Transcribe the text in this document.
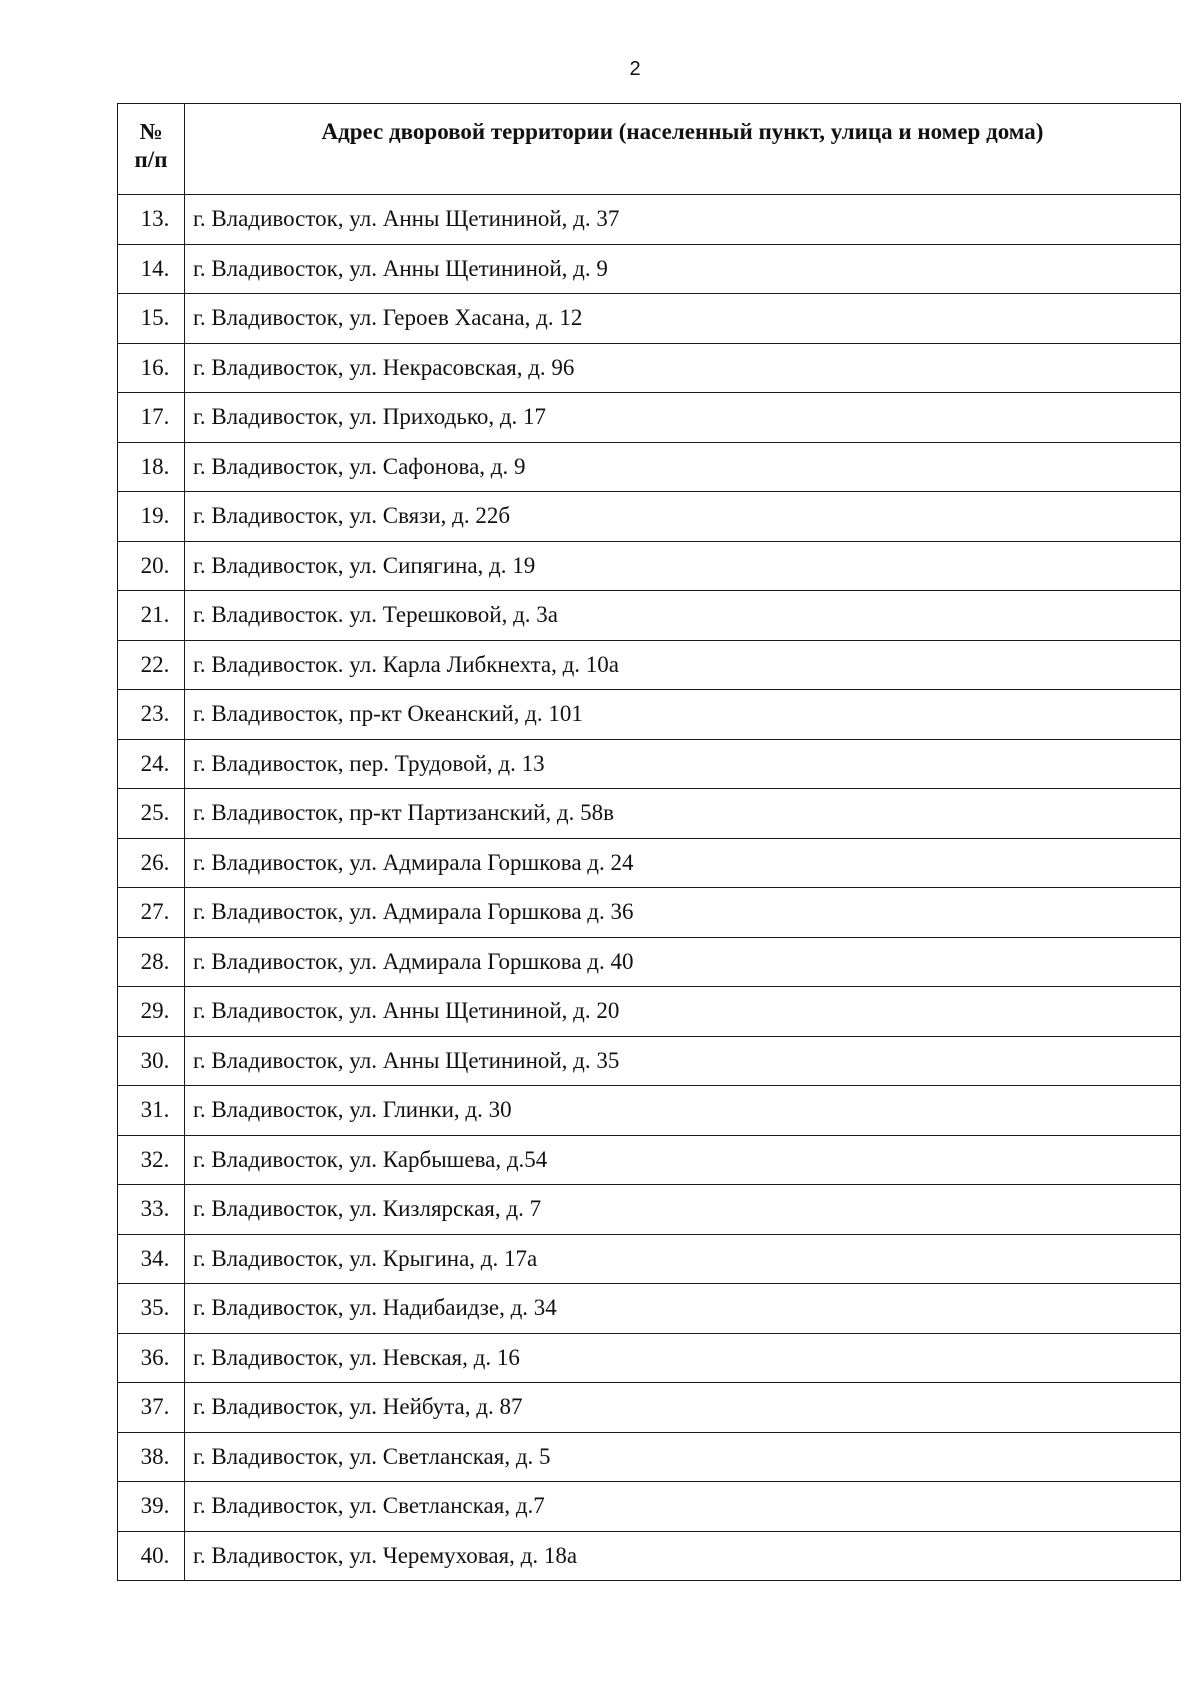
2
№
п/п	Адрес дворовой территории (населенный пункт, улица и номер дома)
13.	г. Владивосток, ул. Анны Щетининой, д. 37
14.	г. Владивосток, ул. Анны Щетининой, д. 9
15.	г. Владивосток, ул. Героев Хасана, д. 12
16.	г. Владивосток, ул. Некрасовская, д. 96
17.	г. Владивосток, ул. Приходько, д. 17
18.	г. Владивосток, ул. Сафонова, д. 9
19.	г. Владивосток, ул. Связи, д. 22б
20.	г. Владивосток, ул. Сипягина, д. 19
21.	г. Владивосток. ул. Терешковой, д. 3а
22.	г. Владивосток. ул. Карла Либкнехта, д. 10а
23.	г. Владивосток, пр-кт Океанский, д. 101
24.	г. Владивосток, пер. Трудовой, д. 13
25.	г. Владивосток, пр-кт Партизанский, д. 58в
26.	г. Владивосток, ул. Адмирала Горшкова д. 24
27.	г. Владивосток, ул. Адмирала Горшкова д. 36
28.	г. Владивосток, ул. Адмирала Горшкова д. 40
29.	г. Владивосток, ул. Анны Щетининой, д. 20
30.	г. Владивосток, ул. Анны Щетининой, д. 35
31.	г. Владивосток, ул. Глинки, д. 30
32.	г. Владивосток, ул. Карбышева, д.54
33.	г. Владивосток, ул. Кизлярская, д. 7
34.	г. Владивосток, ул. Крыгина, д. 17а
35.	г. Владивосток, ул. Надибаидзе, д. 34
36.	г. Владивосток, ул. Невская, д. 16
37.	г. Владивосток, ул. Нейбута, д. 87
38.	г. Владивосток, ул. Светланская, д. 5
39.	г. Владивосток, ул. Светланская, д.7
40.	г. Владивосток, ул. Черемуховая, д. 18а
